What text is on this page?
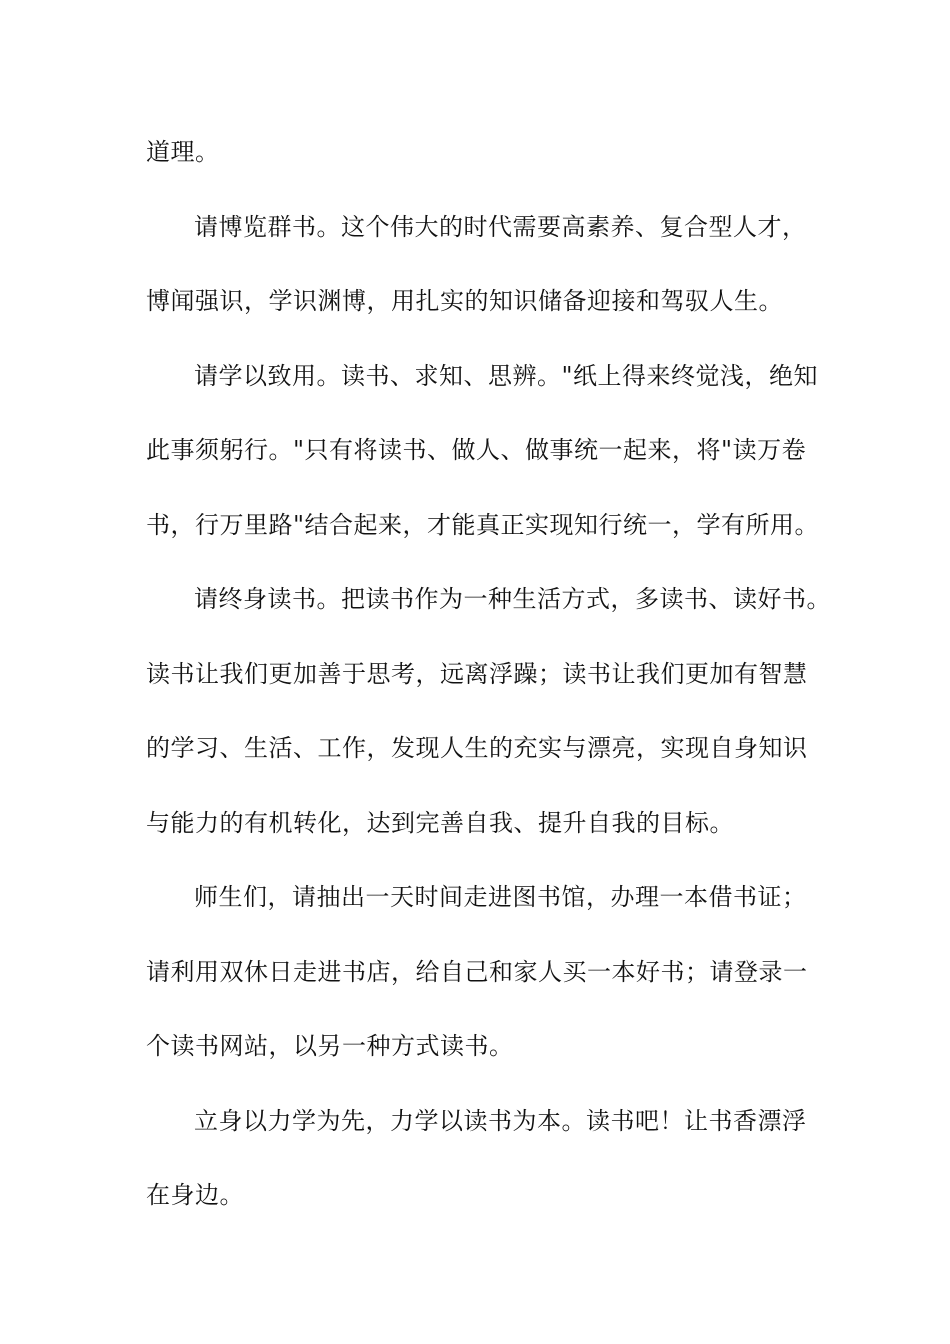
道理。
请博览群书。这个伟大的时代需要高素养、复合型人才，
博闻强识，学识渊博，用扎实的知识储备迎接和驾驭人生。
请学以致用。读书、求知、思辨。"纸上得来终觉浅，绝知
此事须躬行。"只有将读书、做人、做事统一起来，将"读万卷
书，行万里路"结合起来，才能真正实现知行统一，学有所用。
请终身读书。把读书作为一种生活方式，多读书、读好书。
读书让我们更加善于思考，远离浮躁；读书让我们更加有智慧
的学习、生活、工作，发现人生的充实与漂亮，实现自身知识
与能力的有机转化，达到完善自我、提升自我的目标。
师生们，请抽出一天时间走进图书馆，办理一本借书证；
请利用双休日走进书店，给自己和家人买一本好书；请登录一
个读书网站，以另一种方式读书。
立身以力学为先，力学以读书为本。读书吧！让书香漂浮
在身边。
